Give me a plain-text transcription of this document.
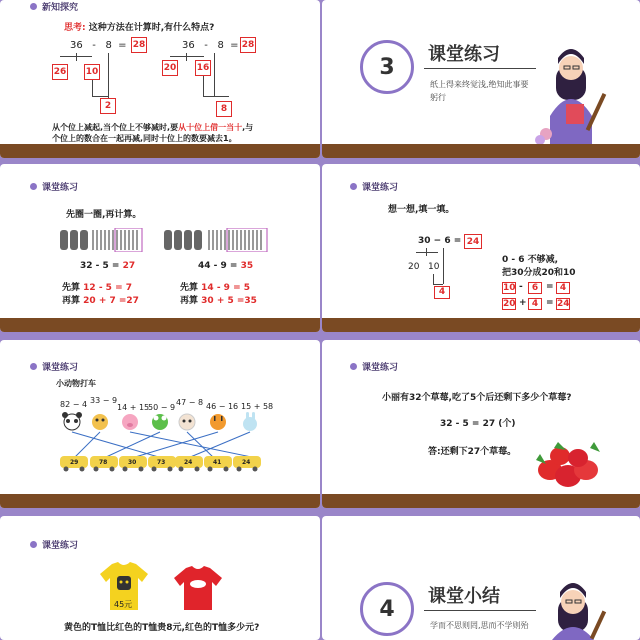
新知探究
思考: 这种方法在计算时,有什么特点?
36 - 8 = 28
26 10
2
36 - 8 = 28
20 16
8
从个位上减起,当个位上不够减时,要从十位上借一当十,与
个位上的数合在一起再减,同时十位上的数要减去1。
3	课堂练习
纸上得来终觉浅,绝知此事要
躬行
课堂练习
先圈一圈,再计算。
32 - 5 = 27
先算 12 - 5 = 7
再算 20 + 7 =27
44 - 9 = 35
先算 14 - 9 = 5
再算 30 + 5 =35
课堂练习
想一想,填一填。
30 − 6 = 24
20 10
4
0 - 6 不够减,
把30分成20和10
10 -	6 = 4
20 + 4 = 24
课堂练习
小动物打车
82 − 4 33 − 9
14 + 15
50 − 9
47 − 8 46 − 16 15 + 58
29	78	30	73	24	41	24
课堂练习
小丽有32个草莓,吃了5个后还剩下多少个草莓?
32 - 5 = 27 (个)
答:还剩下27个草莓。
课堂练习
45元
黄色的T恤比红色的T恤贵8元,红色的T恤多少元?
4	课堂小结
学而不思则罔,思而不学则殆
